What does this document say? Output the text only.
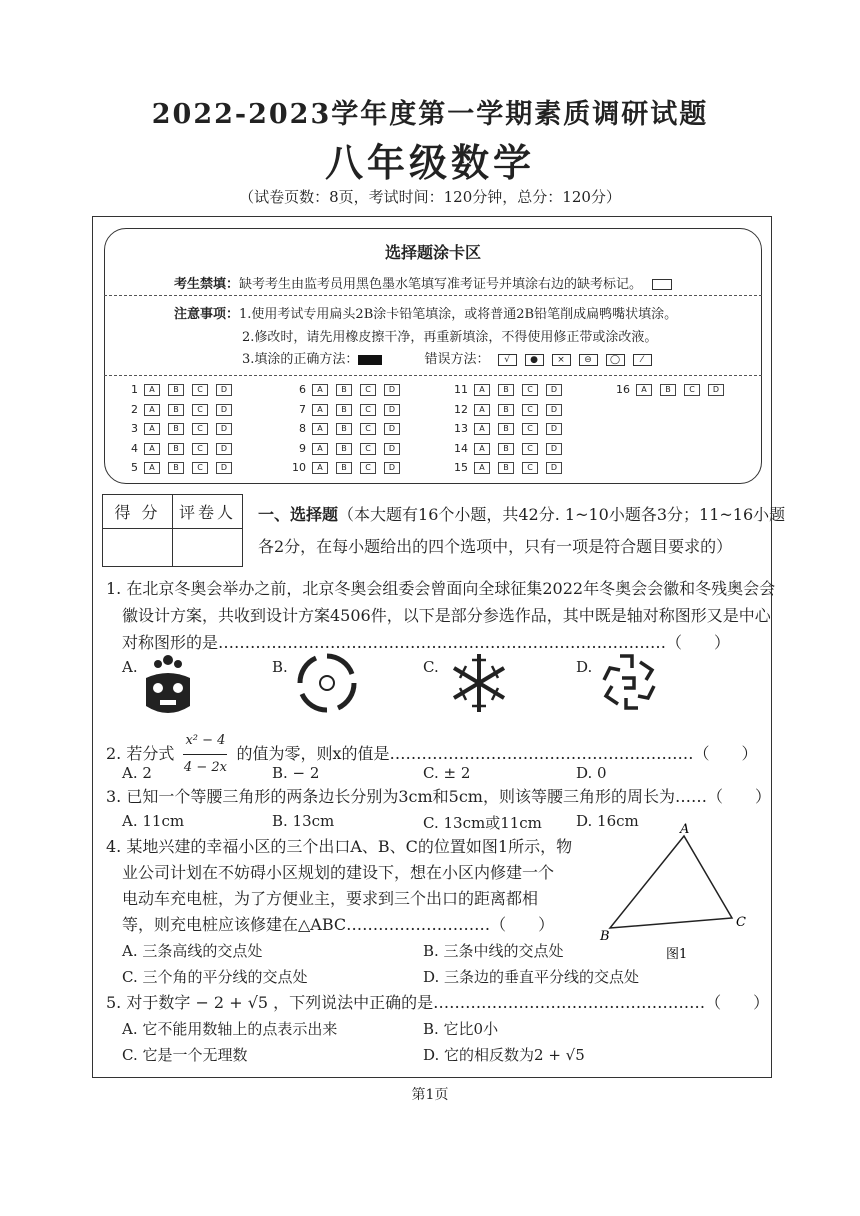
2022-2023学年度第一学期素质调研试题
八年级数学
（试卷页数：8页，考试时间：120分钟，总分：120分）
选择题涂卡区
考生禁填：缺考考生由监考员用黑色墨水笔填写准考证号并填涂右边的缺考标记。
注意事项：1.使用考试专用扁头2B涂卡铅笔填涂，或将普通2B铅笔削成扁鸭嘴状填涂。
2.修改时，请先用橡皮擦干净，再重新填涂，不得使用修正带或涂改液。
3.填涂的正确方法：	错误方法： √ ● × ⊖ ◯ ⁄
1 A B C D
2 A B C D
3 A B C D
4 A B C D
5 A B C D
6 A B C D
7 A B C D
8 A B C D
9 A B C D
10 A B C D
11 A B C D
12 A B C D
13 A B C D
14 A B C D
15 A B C D
16 A B C D
得 分	评卷人
	一、选择题（本大题有16个小题，共42分. 1~10小题各3分；11~16小题
各2分，在每小题给出的四个选项中，只有一项是符合题目要求的）
1. 在北京冬奥会举办之前，北京冬奥会组委会曾面向全球征集2022年冬奥会会徽和冬残奥会会
徽设计方案，共收到设计方案4506件，以下是部分参选作品，其中既是轴对称图形又是中心
对称图形的是…………………………………………………………………………（　　）
A.	B.	C.	D.
2. 若分式 $\frac{\text{x² − 4}}{4 - 2x}$ 的值为零，则x的值是…………………………………………………（　　）
A. 2	B. − 2	C. ± 2	D. 0
3. 已知一个等腰三角形的两条边长分别为3cm和5cm，则该等腰三角形的周长为……（　　）
A. 11cm	B. 13cm	C. 13cm或11cm D. 16cm
4. 某地兴建的幸福小区的三个出口A、B、C的位置如图1所示，物
业公司计划在不妨碍小区规划的建设下，想在小区内修建一个
电动车充电桩，为了方便业主，要求到三个出口的距离都相
等，则充电桩应该修建在△ABC………………………（　　）
A. 三条高线的交点处	B. 三条中线的交点处
C. 三个角的平分线的交点处	D. 三条边的垂直平分线的交点处
A
B
C
图1
5. 对于数字 − 2 + √5 ，下列说法中正确的是……………………………………………（　　）
A. 它不能用数轴上的点表示出来	B. 它比0小
C. 它是一个无理数	D. 它的相反数为2 + √5
第1页
